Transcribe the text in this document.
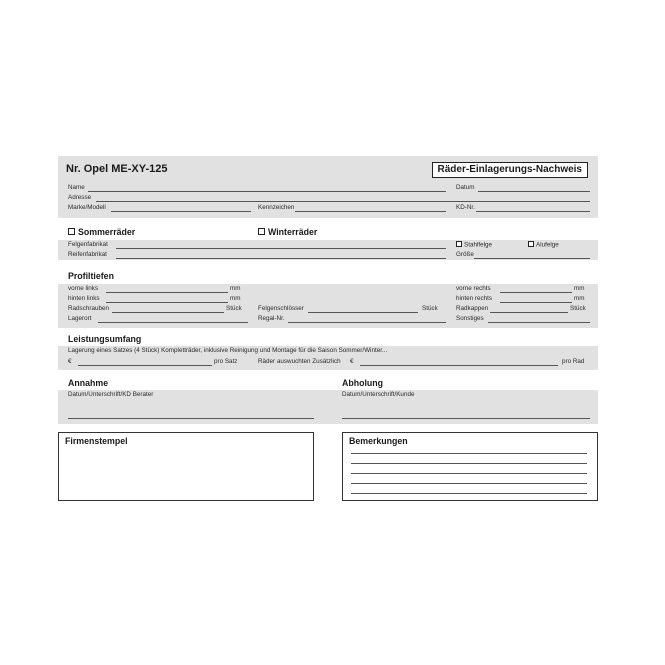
Nr. Opel ME-XY-125	Räder-Einlagerungs-Nachweis
Name	Datum
Adresse
Marke/Modell	Kennzeichen	KD-Nr.
Sommerräder	Winterräder
Felgenfabrikat	Stahlfelge	Alufelge
Reifenfabrikat	Größe
Profiltiefen
vorne links	mm	vorne rechts	mm
hinten links	mm	hinten rechts	mm
Radschrauben	Stück	Felgenschlösser	Stück	Radkappen	Stück
Lagerort	Regal-Nr.	Sonstiges
Leistungsumfang
Lagerung eines Satzes (4 Stück) Kompletträder, inklusive Reinigung und Montage für die Saison Sommer/Winter...
€	pro Satz	Räder auswuchten Zusätzlich €	pro Rad
Annahme	Abholung
Datum/Unterschrift/KD Berater	Datum/Unterschrift/Kunde
Firmenstempel	Bemerkungen
